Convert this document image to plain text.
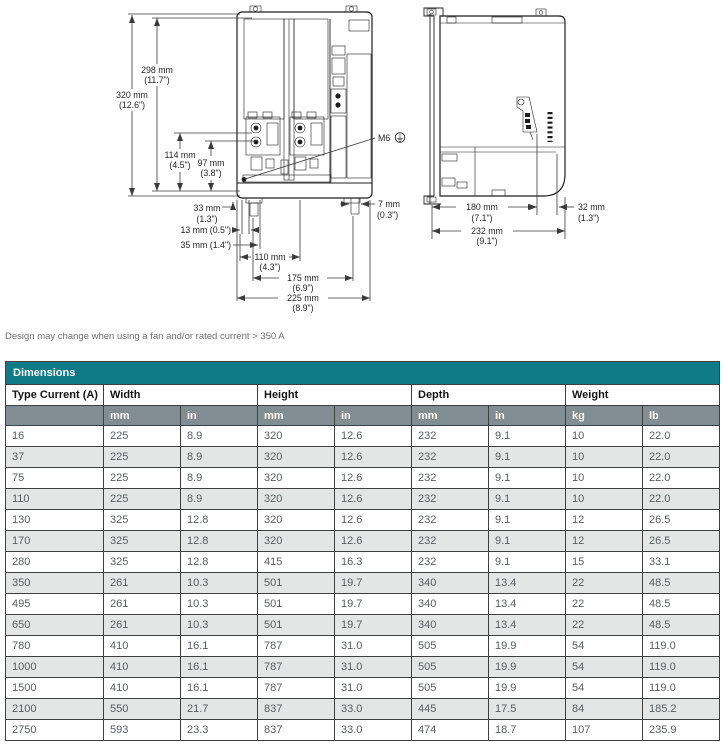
298 mm
(11.7")
320 mm
(12.6")
114 mm
(4.5") 97 mm
(3.8")
33 mm
(1.3")
13 mm (0.5")
35 mm (1.4")
110 mm
(4.3")
175 mm
(6.9")
225 mm
(8.9")
M6
7 mm
(0.3")
180 mm
(7.1")
32 mm
(1.3")
232 mm
(9.1")
Design may change when using a fan and/or rated current > 350 A
Dimensions								
Type Current (A)	Width		Height		Depth		Weight	
	mm	in	mm	in	mm	in	kg	lb
16	225	8.9	320	12.6	232	9.1	10	22.0
37	225	8.9	320	12.6	232	9.1	10	22.0
75	225	8.9	320	12.6	232	9.1	10	22.0
110	225	8.9	320	12.6	232	9.1	10	22.0
130	325	12.8	320	12.6	232	9.1	12	26.5
170	325	12.8	320	12.6	232	9.1	12	26.5
280	325	12.8	415	16.3	232	9.1	15	33.1
350	261	10.3	501	19.7	340	13.4	22	48.5
495	261	10.3	501	19.7	340	13.4	22	48.5
650	261	10.3	501	19.7	340	13.4	22	48.5
780	410	16.1	787	31.0	505	19.9	54	119.0
1000	410	16.1	787	31.0	505	19.9	54	119.0
1500	410	16.1	787	31.0	505	19.9	54	119.0
2100	550	21.7	837	33.0	445	17.5	84	185.2
2750	593	23.3	837	33.0	474	18.7	107	235.9
